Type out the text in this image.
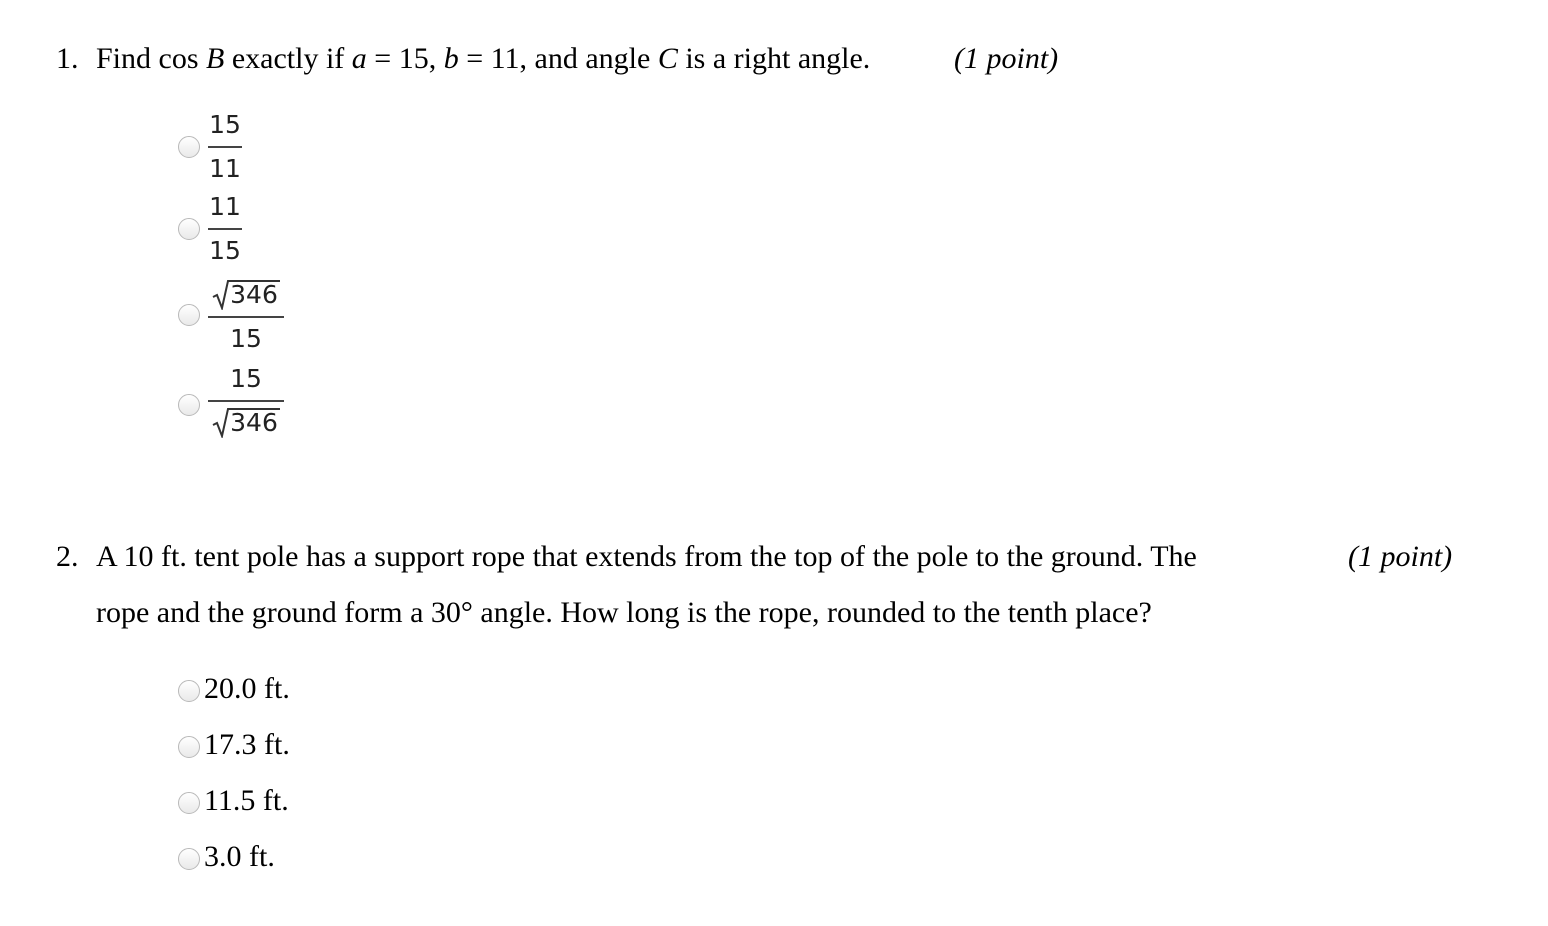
1. Find cos B exactly if a = 15, b = 11, and angle C is a right angle.	(1 point)
15
11
11
15
346
15
15
346
2. A 10 ft. tent pole has a support rope that extends from the top of the pole to the ground. The	(1 point)
rope and the ground form a 30° angle. How long is the rope, rounded to the tenth place?
20.0 ft.
17.3 ft.
11.5 ft.
3.0 ft.
